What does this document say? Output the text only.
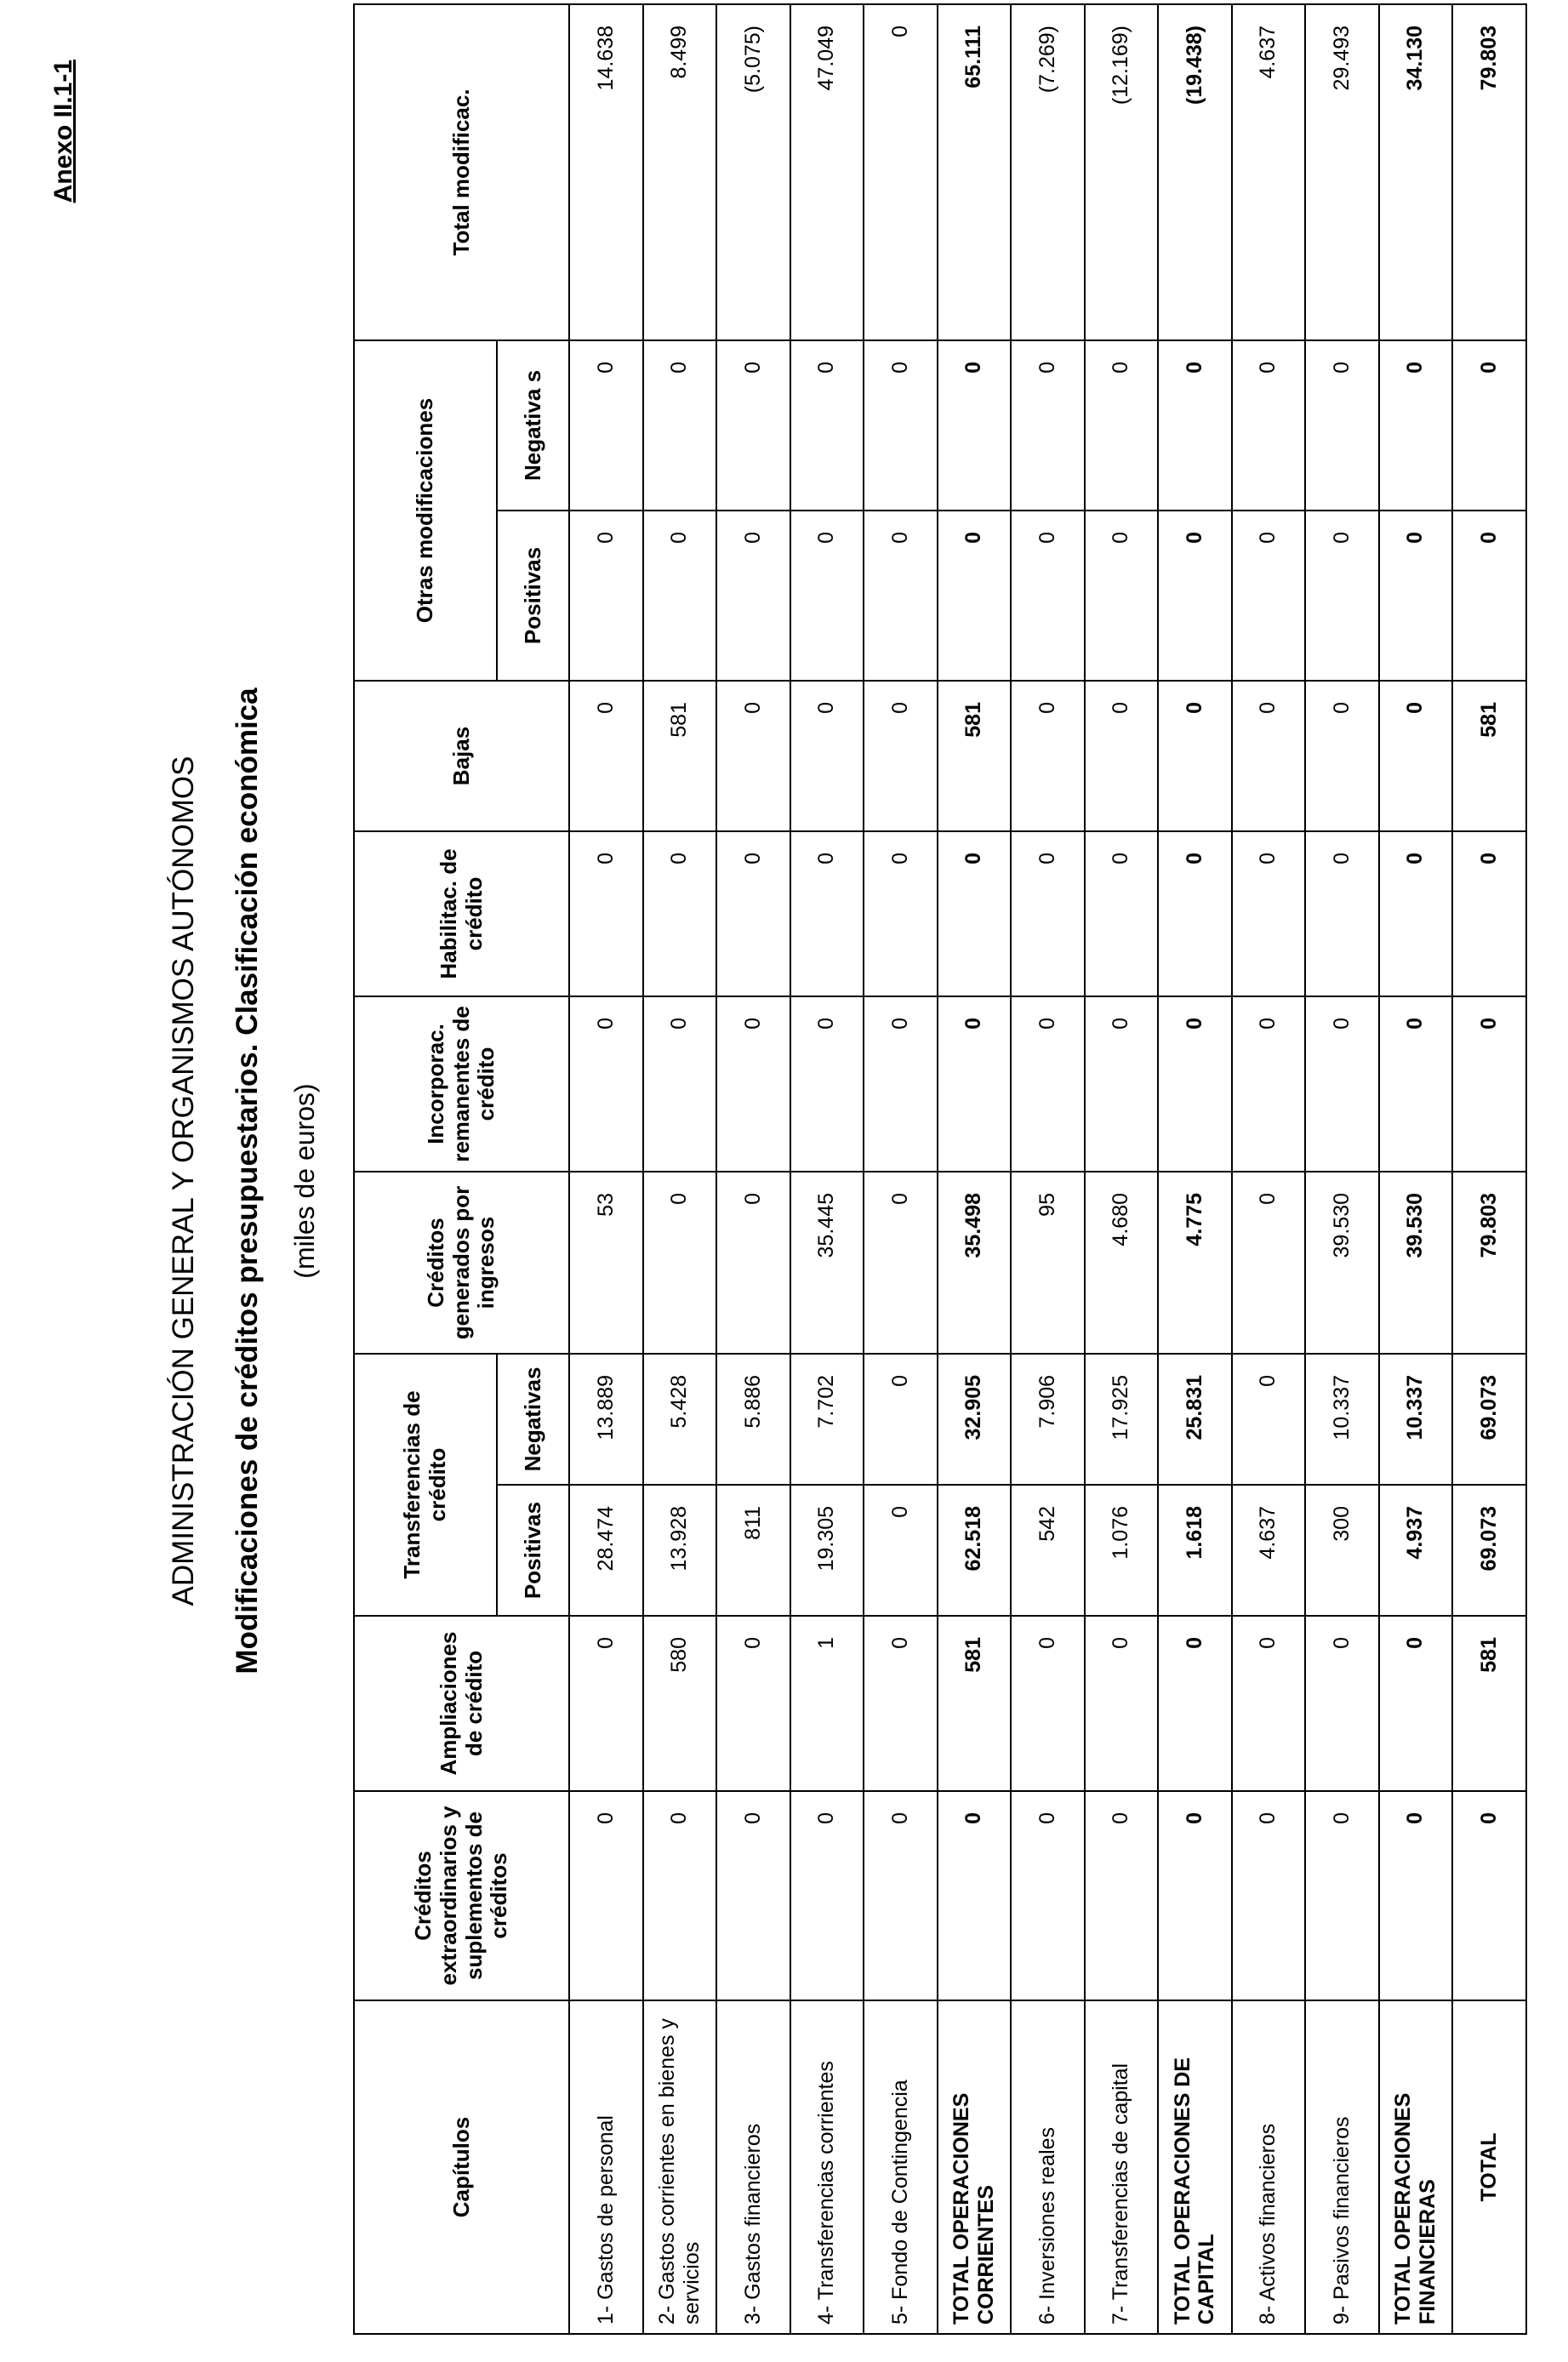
Anexo II.1-1
ADMINISTRACIÓN GENERAL Y ORGANISMOS AUTÓNOMOS Modificaciones de créditos presupuestarios. Clasificación económica (miles de euros)
Capítulos	Créditos extraordinarios y suplementos de créditos	Ampliaciones de crédito	Transferencias de crédito		Créditos generados por ingresos	Incorporac. remanentes de crédito	Habilitac. de crédito	Bajas	Otras modificaciones		Total modificac.
			Positivas	Negativas					Positivas	Negativa s	
1- Gastos de personal	0	0	28.474	13.889	53	0	0	0	0	0	14.638
2- Gastos corrientes en bienes y servicios	0	580	13.928	5.428	0	0	0	581	0	0	8.499
3- Gastos financieros	0	0	811	5.886	0	0	0	0	0	0	(5.075)
4- Transferencias corrientes	0	1	19.305	7.702	35.445	0	0	0	0	0	47.049
5- Fondo de Contingencia	0	0	0	0	0	0	0	0	0	0	0
TOTAL OPERACIONES CORRIENTES	0	581	62.518	32.905	35.498	0	0	581	0	0	65.111
6- Inversiones reales	0	0	542	7.906	95	0	0	0	0	0	(7.269)
7- Transferencias de capital	0	0	1.076	17.925	4.680	0	0	0	0	0	(12.169)
TOTAL OPERACIONES DE CAPITAL	0	0	1.618	25.831	4.775	0	0	0	0	0	(19.438)
8- Activos financieros	0	0	4.637	0	0	0	0	0	0	0	4.637
9- Pasivos financieros	0	0	300	10.337	39.530	0	0	0	0	0	29.493
TOTAL OPERACIONES FINANCIERAS	0	0	4.937	10.337	39.530	0	0	0	0	0	34.130
TOTAL	0	581	69.073	69.073	79.803	0	0	581	0	0	79.803
